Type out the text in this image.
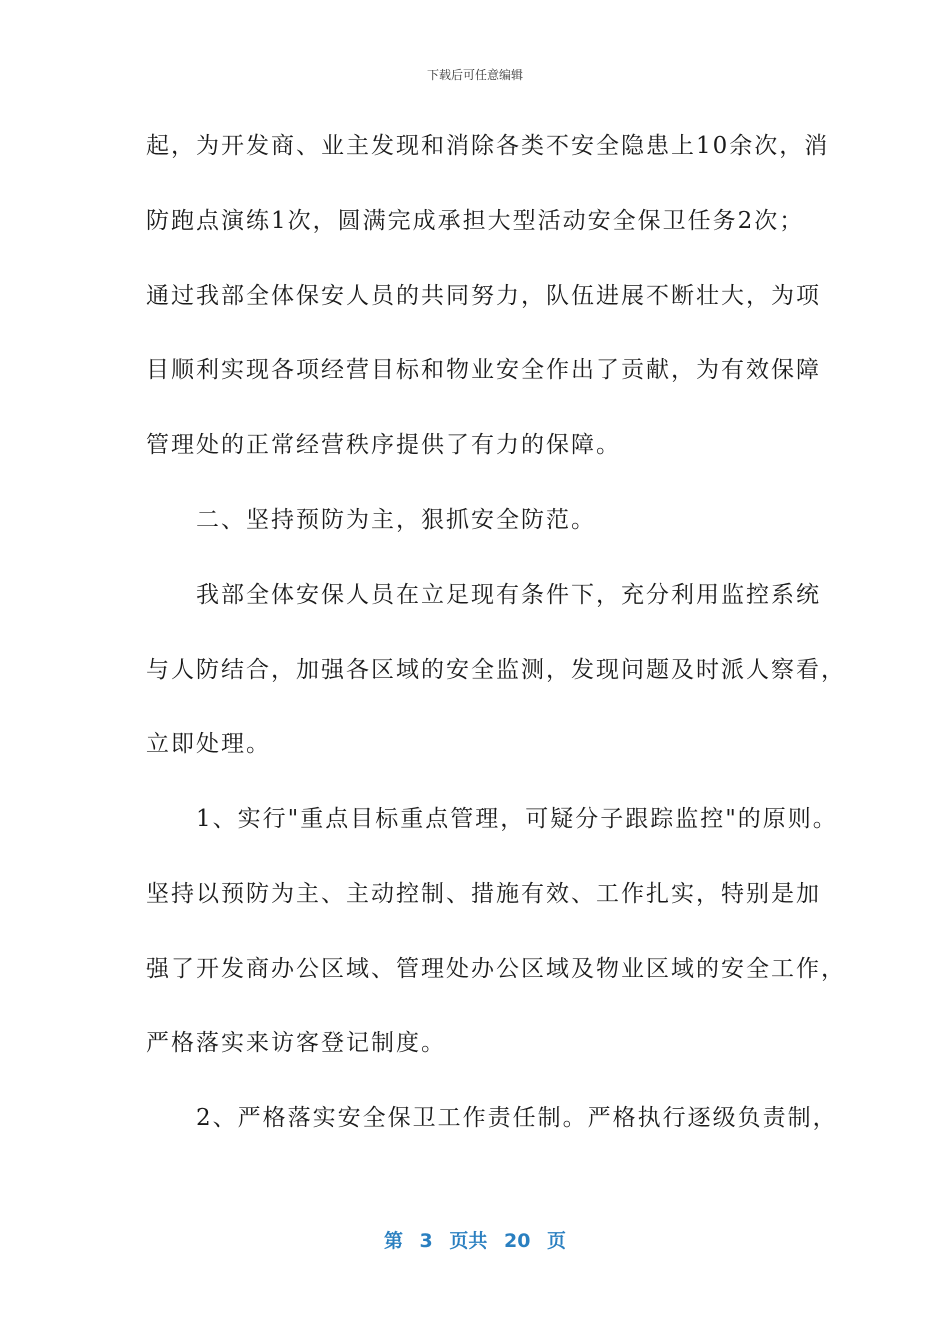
下载后可任意编辑
起，为开发商、业主发现和消除各类不安全隐患上10余次，消
防跑点演练1次，圆满完成承担大型活动安全保卫任务2次；
通过我部全体保安人员的共同努力，队伍进展不断壮大，为项
目顺利实现各项经营目标和物业安全作出了贡献，为有效保障
管理处的正常经营秩序提供了有力的保障。
　　二、坚持预防为主，狠抓安全防范。
　　我部全体安保人员在立足现有条件下，充分利用监控系统
与人防结合，加强各区域的安全监测，发现问题及时派人察看，
立即处理。
　　1、实行"重点目标重点管理，可疑分子跟踪监控"的原则。
坚持以预防为主、主动控制、措施有效、工作扎实，特别是加
强了开发商办公区域、管理处办公区域及物业区域的安全工作，
严格落实来访客登记制度。
　　2、严格落实安全保卫工作责任制。严格执行逐级负责制，
第 3 页共 20 页
